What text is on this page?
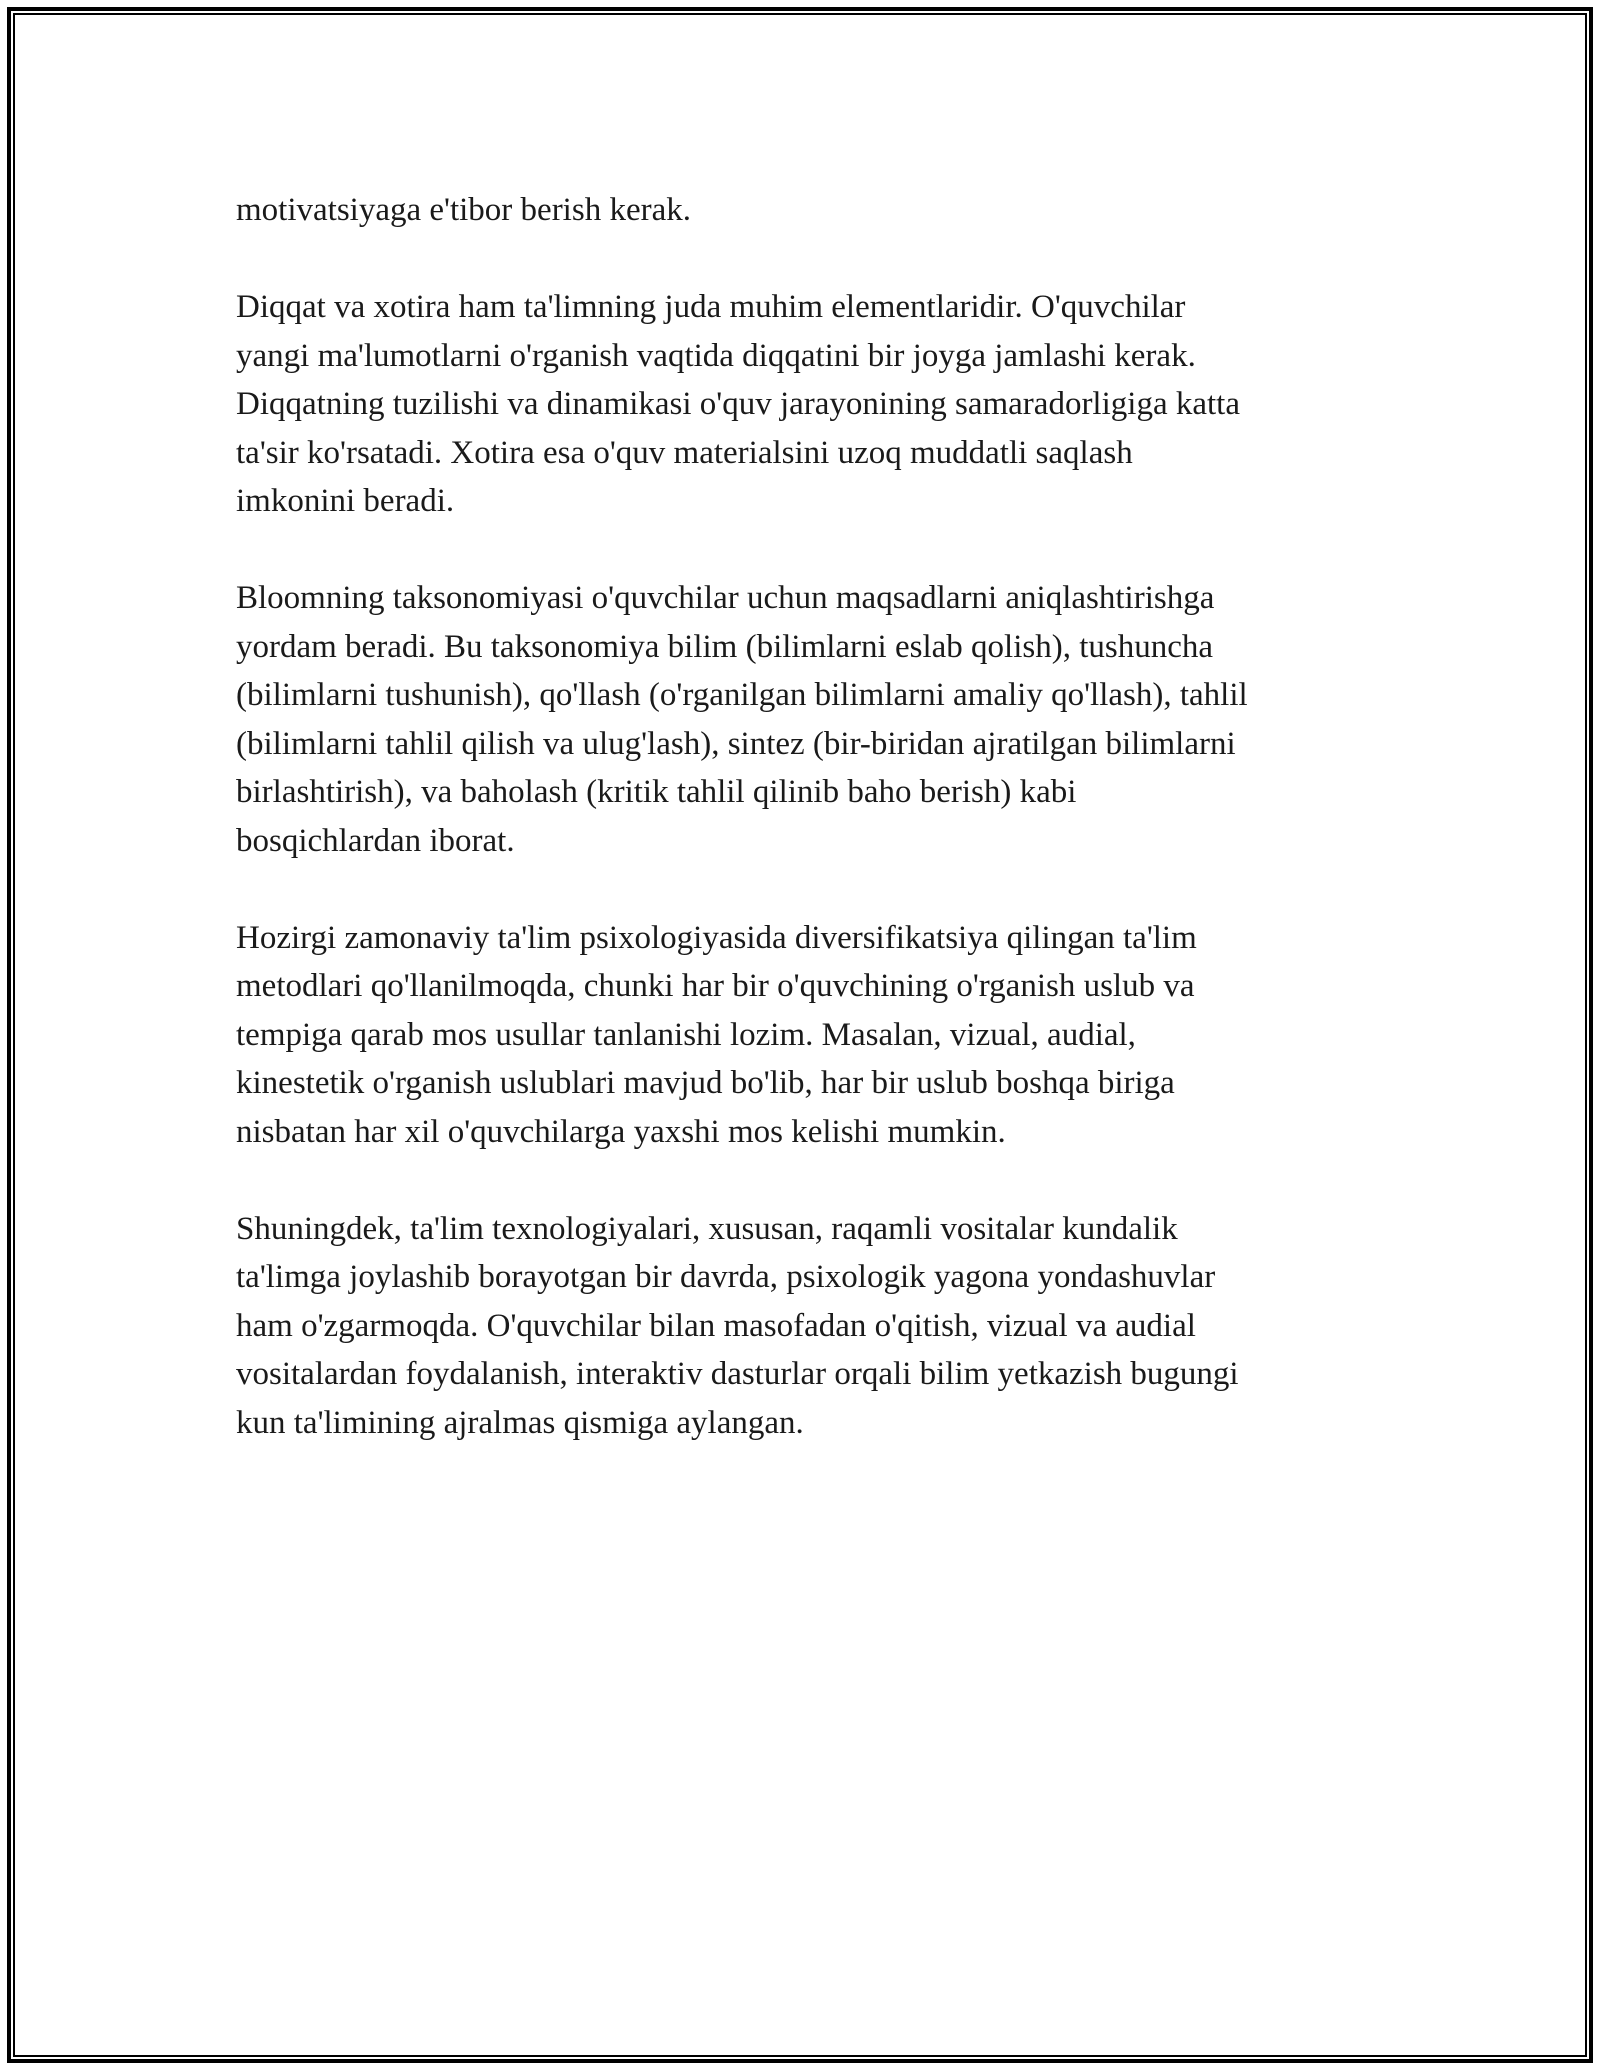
motivatsiyaga e'tibor berish kerak.

Diqqat va xotira ham ta'limning juda muhim elementlaridir. O'quvchilar
yangi ma'lumotlarni o'rganish vaqtida diqqatini bir joyga jamlashi kerak.
Diqqatning tuzilishi va dinamikasi o'quv jarayonining samaradorligiga katta
ta'sir ko'rsatadi. Xotira esa o'quv materialsini uzoq muddatli saqlash
imkonini beradi.

Bloomning taksonomiyasi o'quvchilar uchun maqsadlarni aniqlashtirishga
yordam beradi. Bu taksonomiya bilim (bilimlarni eslab qolish), tushuncha
(bilimlarni tushunish), qo'llash (o'rganilgan bilimlarni amaliy qo'llash), tahlil
(bilimlarni tahlil qilish va ulug'lash), sintez (bir-biridan ajratilgan bilimlarni
birlashtirish), va baholash (kritik tahlil qilinib baho berish) kabi
bosqichlardan iborat.

Hozirgi zamonaviy ta'lim psixologiyasida diversifikatsiya qilingan ta'lim
metodlari qo'llanilmoqda, chunki har bir o'quvchining o'rganish uslub va
tempiga qarab mos usullar tanlanishi lozim. Masalan, vizual, audial,
kinestetik o'rganish uslublari mavjud bo'lib, har bir uslub boshqa biriga
nisbatan har xil o'quvchilarga yaxshi mos kelishi mumkin.

Shuningdek, ta'lim texnologiyalari, xususan, raqamli vositalar kundalik
ta'limga joylashib borayotgan bir davrda, psixologik yagona yondashuvlar
ham o'zgarmoqda. O'quvchilar bilan masofadan o'qitish, vizual va audial
vositalardan foydalanish, interaktiv dasturlar orqali bilim yetkazish bugungi
kun ta'limining ajralmas qismiga aylangan.
